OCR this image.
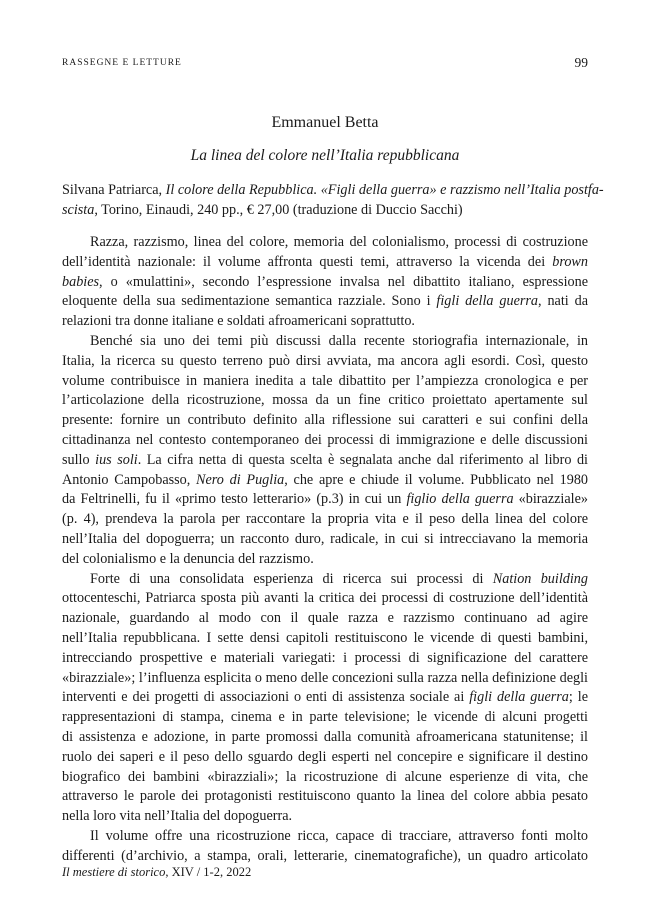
RASSEGNE E LETTURE	99
Emmanuel Betta
La linea del colore nell’Italia repubblicana
Silvana Patriarca, Il colore della Repubblica. «Figli della guerra» e razzismo nell’Italia postfa-
scista, Torino, Einaudi, 240 pp., € 27,00 (traduzione di Duccio Sacchi)
Razza, razzismo, linea del colore, memoria del colonialismo, processi di costruzione
dell’identità nazionale: il volume affronta questi temi, attraverso la vicenda dei brown
babies, o «mulattini», secondo l’espressione invalsa nel dibattito italiano, espressione
eloquente della sua sedimentazione semantica razziale. Sono i figli della guerra, nati da
relazioni tra donne italiane e soldati afroamericani soprattutto.
Benché sia uno dei temi più discussi dalla recente storiografia internazionale, in
Italia, la ricerca su questo terreno può dirsi avviata, ma ancora agli esordi. Così, questo
volume contribuisce in maniera inedita a tale dibattito per l’ampiezza cronologica e per
l’articolazione della ricostruzione, mossa da un fine critico proiettato apertamente sul
presente: fornire un contributo definito alla riflessione sui caratteri e sui confini della
cittadinanza nel contesto contemporaneo dei processi di immigrazione e delle discussioni
sullo ius soli. La cifra netta di questa scelta è segnalata anche dal riferimento al libro di
Antonio Campobasso, Nero di Puglia, che apre e chiude il volume. Pubblicato nel 1980
da Feltrinelli, fu il «primo testo letterario» (p.3) in cui un figlio della guerra «birazziale»
(p. 4), prendeva la parola per raccontare la propria vita e il peso della linea del colore
nell’Italia del dopoguerra; un racconto duro, radicale, in cui si intrecciavano la memoria
del colonialismo e la denuncia del razzismo.
Forte di una consolidata esperienza di ricerca sui processi di Nation building
ottocenteschi, Patriarca sposta più avanti la critica dei processi di costruzione dell’identità
nazionale, guardando al modo con il quale razza e razzismo continuano ad agire
nell’Italia repubblicana. I sette densi capitoli restituiscono le vicende di questi bambini,
intrecciando prospettive e materiali variegati: i processi di significazione del carattere
«birazziale»; l’influenza esplicita o meno delle concezioni sulla razza nella definizione degli
interventi e dei progetti di associazioni o enti di assistenza sociale ai figli della guerra; le
rappresentazioni di stampa, cinema e in parte televisione; le vicende di alcuni progetti
di assistenza e adozione, in parte promossi dalla comunità afroamericana statunitense; il
ruolo dei saperi e il peso dello sguardo degli esperti nel concepire e significare il destino
biografico dei bambini «birazziali»; la ricostruzione di alcune esperienze di vita, che
attraverso le parole dei protagonisti restituiscono quanto la linea del colore abbia pesato
nella loro vita nell’Italia del dopoguerra.
Il volume offre una ricostruzione ricca, capace di tracciare, attraverso fonti molto
differenti (d’archivio, a stampa, orali, letterarie, cinematografiche), un quadro articolato
Il mestiere di storico, XIV / 1-2, 2022
